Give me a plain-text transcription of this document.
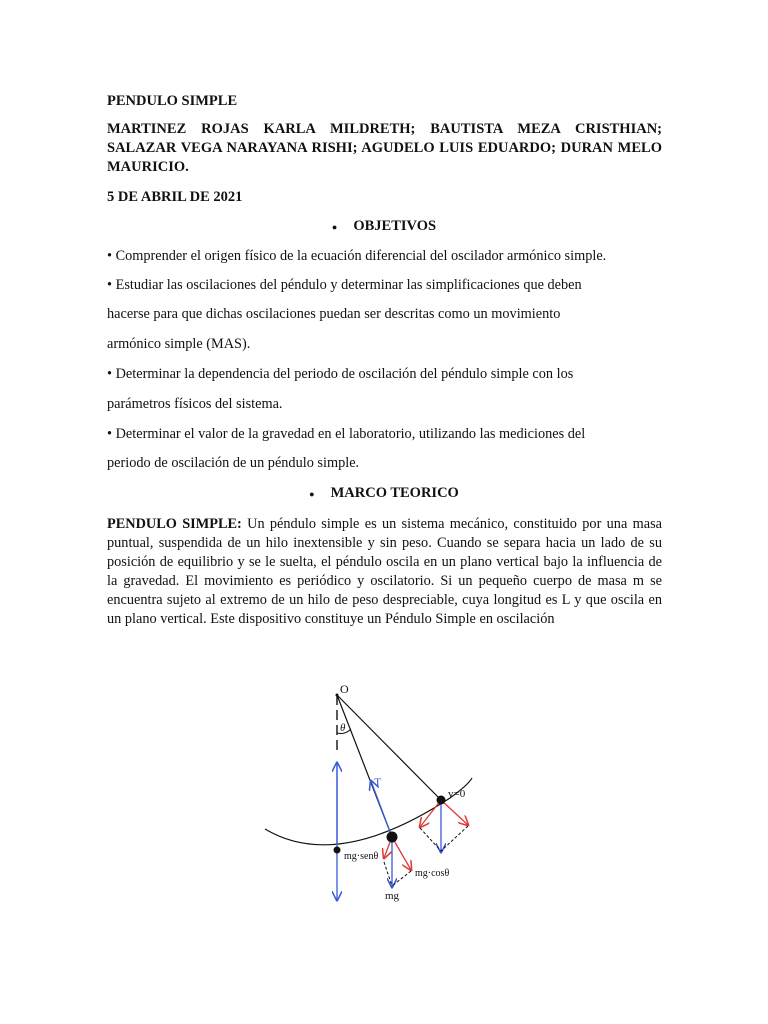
PENDULO SIMPLE

MARTINEZ ROJAS KARLA MILDRETH; BAUTISTA MEZA CRISTHIAN; SALAZAR VEGA NARAYANA RISHI; AGUDELO LUIS EDUARDO; DURAN MELO MAURICIO.

5 DE ABRIL DE 2021

● OBJETIVOS
• Comprender el origen físico de la ecuación diferencial del oscilador armónico simple.
• Estudiar las oscilaciones del péndulo y determinar las simplificaciones que deben
hacerse para que dichas oscilaciones puedan ser descritas como un movimiento
armónico simple (MAS).
• Determinar la dependencia del periodo de oscilación del péndulo simple con los
parámetros físicos del sistema.
• Determinar el valor de la gravedad en el laboratorio, utilizando las mediciones del
periodo de oscilación de un péndulo simple.
● MARCO TEORICO

PENDULO SIMPLE: Un péndulo simple es un sistema mecánico, constituido por una masa puntual, suspendida de un hilo inextensible y sin peso. Cuando se separa hacia un lado de su posición de equilibrio y se le suelta, el péndulo oscila en un plano vertical bajo la influencia de la gravedad. El movimiento es periódico y oscilatorio. Si un pequeño cuerpo de masa m se encuentra sujeto al extremo de un hilo de peso despreciable, cuya longitud es L y que oscila en un plano vertical. Este dispositivo constituye un Péndulo Simple en oscilación

O
θ
T
v=0
mg·senθ
mg·cosθ
mg
